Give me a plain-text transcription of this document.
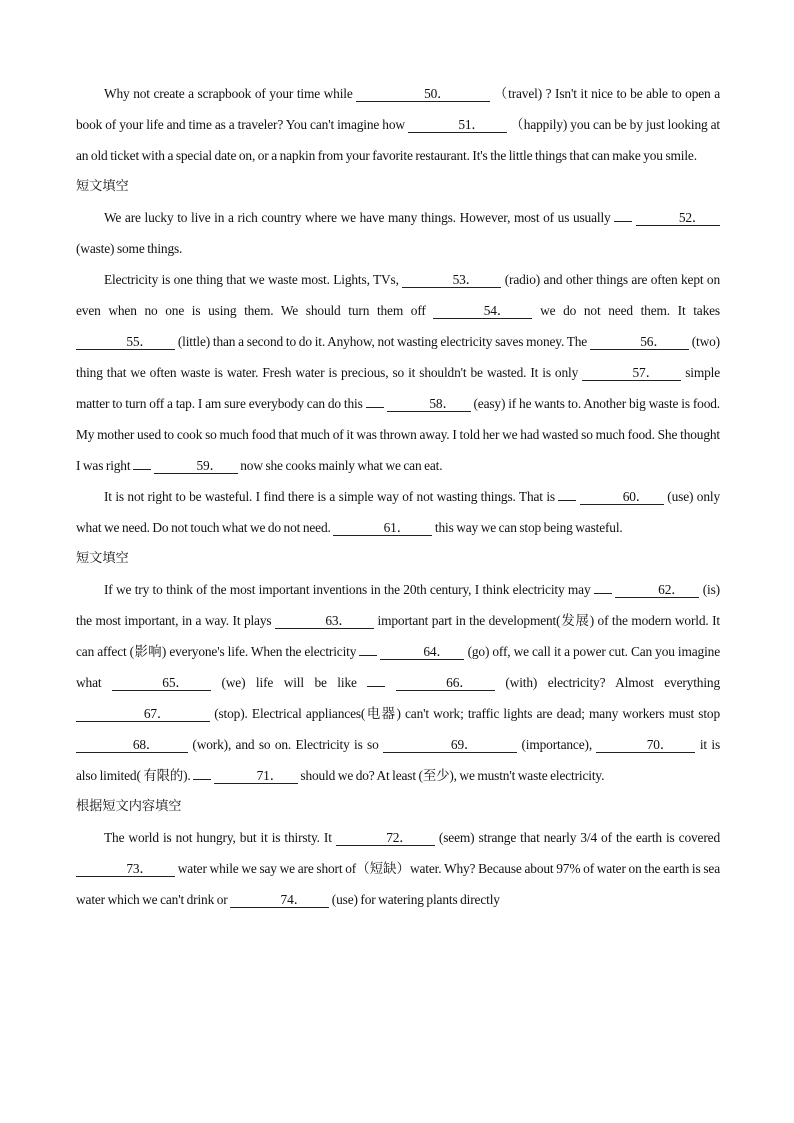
Why not create a scrapbook of your time while	50．	（travel) ? Isn't it nice to be able to open a book of your life and time as a traveler? You can't imagine how	51． （happily) you can be by just looking at an old ticket with a special date on, or a napkin from your favorite restaurant. It's the little things that can make you smile.

短文填空

We are lucky to live in a rich country where we have many things. However, most of us usually	52． (waste) some things.

Electricity is one thing that we waste most. Lights, TVs,	53． (radio) and other things are often kept on even when no one is using them. We should turn them off	54． we do not need them. It takes 55． (little) than a second to do it. Anyhow, not wasting electricity saves money. The	56． (two) thing that we often waste is water. Fresh water is precious, so it shouldn't be wasted. It is only	57． simple matter to turn off a tap. I am sure everybody can do this	58． (easy) if he wants to. Another big waste is food. My mother used to cook so much food that much of it was thrown away. I told her we had wasted so much food. She thought I was right	59． now she cooks mainly what we can eat.

It is not right to be wasteful. I find there is a simple way of not wasting things. That is	60． (use) only what we need. Do not touch what we do not need.	61． this way we can stop being wasteful.

短文填空

If we try to think of the most important inventions in the 20th century, I think electricity may	62． (is) the most important, in a way. It plays	63． important part in the development(发展) of the modern world. It can affect (影响) everyone's life. When the electricity	64． (go) off, we call it a power cut. Can you imagine what	65． (we) life will be like	66． (with) electricity? Almost everything 67．	(stop). Electrical appliances(电器) can't work; traffic lights are dead; many workers must stop 68． (work), and so on. Electricity is so	69．	(importance),	70． it is also limited( 有限的).	71． should we do? At least (至少), we mustn't waste electricity.

根据短文内容填空

The world is not hungry, but it is thirsty. It	72． (seem) strange that nearly 3/4 of the earth is covered 73． water while we say we are short of（短缺）water. Why? Because about 97% of water on the earth is sea water which we can't drink or	74． (use) for watering plants directly
